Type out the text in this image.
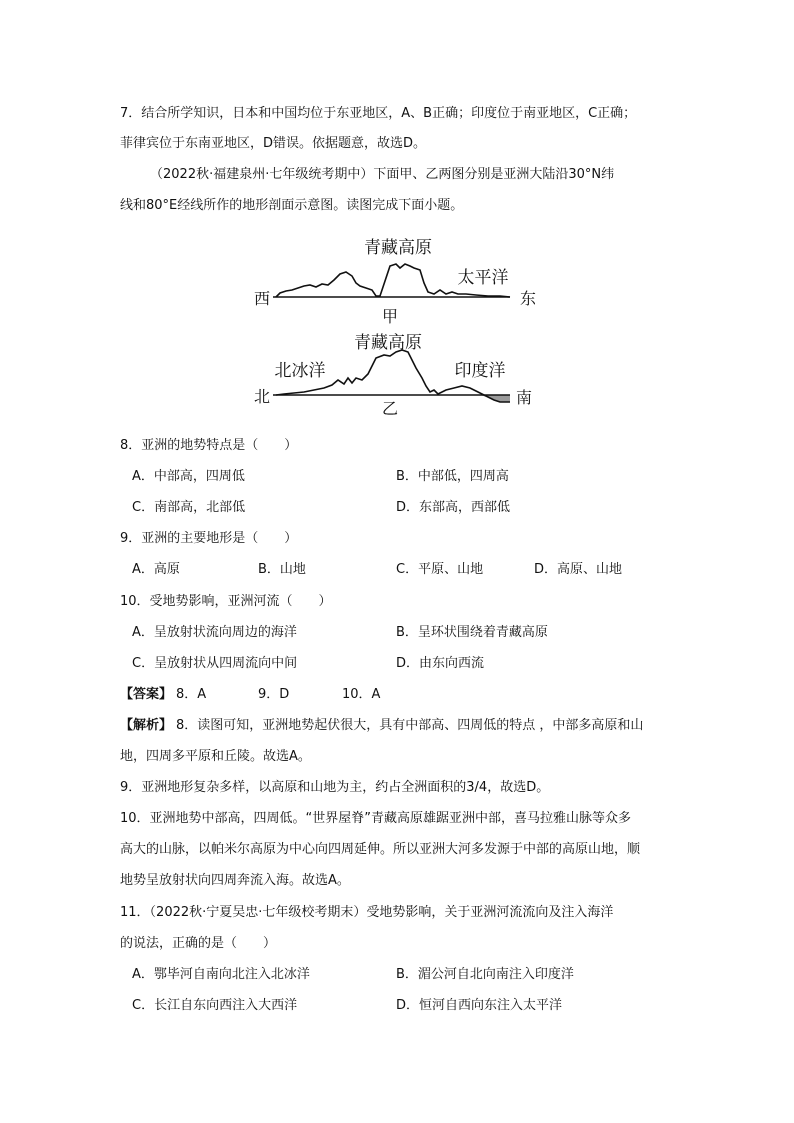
7．结合所学知识，日本和中国均位于东亚地区，A、B正确；印度位于南亚地区，C正确；
菲律宾位于东南亚地区，D错误。依据题意，故选D。
（2022秋·福建泉州·七年级统考期中）下面甲、乙两图分别是亚洲大陆沿30°N纬
线和80°E经线所作的地形剖面示意图。读图完成下面小题。
青藏高原
太平洋
西	东
甲
青藏高原
北冰洋	印度洋
北	南
乙
8．亚洲的地势特点是（　　）
A．中部高，四周低	B．中部低，四周高
C．南部高，北部低	D．东部高，西部低
9．亚洲的主要地形是（　　）
A．高原	B．山地	C．平原、山地	D．高原、山地
10．受地势影响，亚洲河流（　　）
A．呈放射状流向周边的海洋	B．呈环状围绕着青藏高原
C．呈放射状从四周流向中间	D．由东向西流
【答案】 8．A	9．D	10．A
【解析】 8．读图可知，亚洲地势起伏很大，具有中部高、四周低的特点 ，中部多高原和山
地，四周多平原和丘陵。故选A。
9．亚洲地形复杂多样，以高原和山地为主，约占全洲面积的3/4，故选D。
10．亚洲地势中部高，四周低。“世界屋脊”青藏高原雄踞亚洲中部，喜马拉雅山脉等众多
高大的山脉，以帕米尔高原为中心向四周延伸。所以亚洲大河多发源于中部的高原山地，顺
地势呈放射状向四周奔流入海。故选A。
11．（2022秋·宁夏吴忠·七年级校考期末）受地势影响，关于亚洲河流流向及注入海洋
的说法，正确的是（　　）
A．鄂毕河自南向北注入北冰洋	B．湄公河自北向南注入印度洋
C．长江自东向西注入大西洋	D．恒河自西向东注入太平洋
